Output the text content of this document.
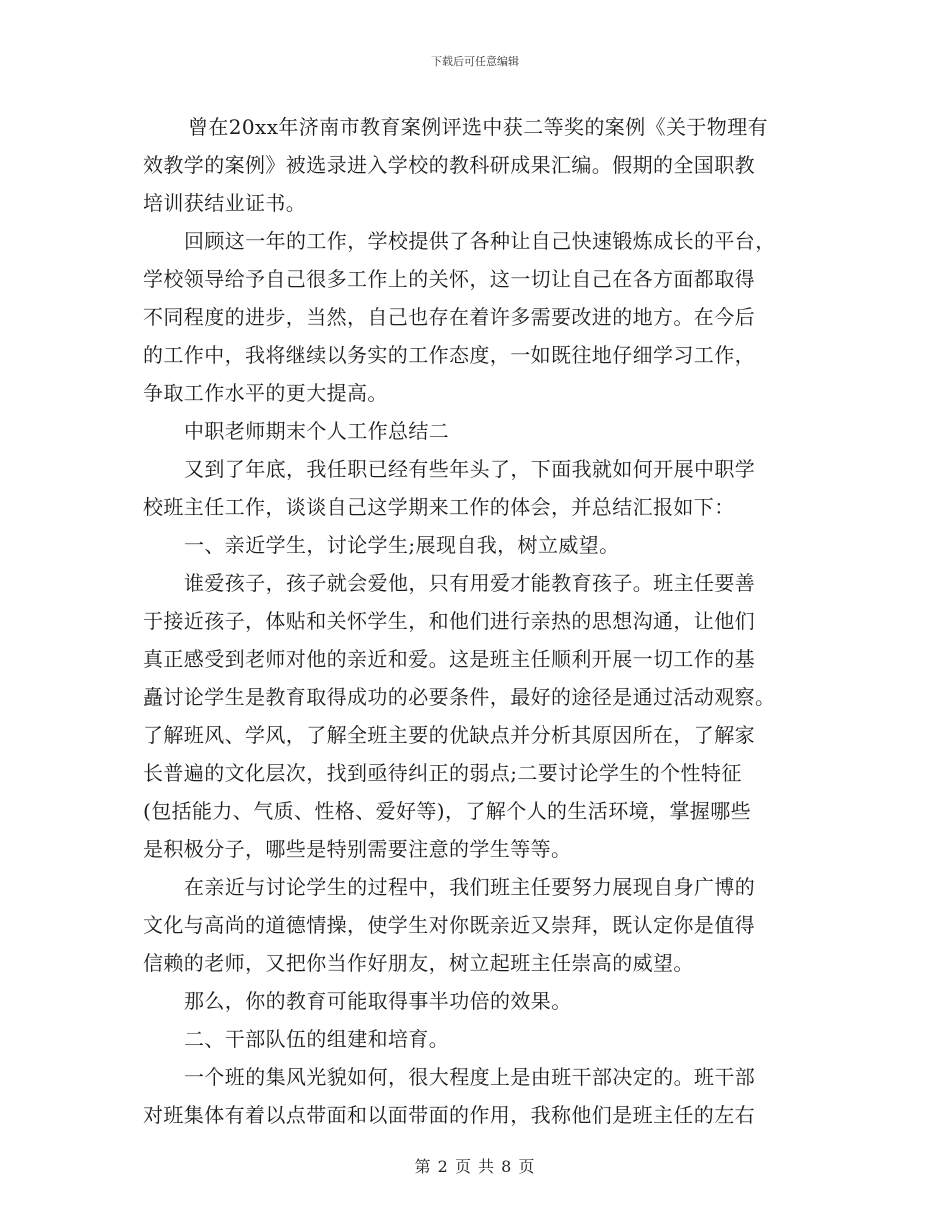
下载后可任意编辑
曾在20xx年济南市教育案例评选中获二等奖的案例《关于物理有
效教学的案例》被选录进入学校的教科研成果汇编。假期的全国职教
培训获结业证书。
回顾这一年的工作，学校提供了各种让自己快速锻炼成长的平台，
学校领导给予自己很多工作上的关怀，这一切让自己在各方面都取得
不同程度的进步，当然，自己也存在着许多需要改进的地方。在今后
的工作中，我将继续以务实的工作态度，一如既往地仔细学习工作，
争取工作水平的更大提高。
中职老师期末个人工作总结二
又到了年底，我任职已经有些年头了，下面我就如何开展中职学
校班主任工作，谈谈自己这学期来工作的体会，并总结汇报如下：
一、亲近学生，讨论学生;展现自我，树立威望。
谁爱孩子，孩子就会爱他，只有用爱才能教育孩子。班主任要善
于接近孩子，体贴和关怀学生，和他们进行亲热的思想沟通，让他们
真正感受到老师对他的亲近和爱。这是班主任顺利开展一切工作的基
矗讨论学生是教育取得成功的必要条件，最好的途径是通过活动观察。
了解班风、学风，了解全班主要的优缺点并分析其原因所在，了解家
长普遍的文化层次，找到亟待纠正的弱点;二要讨论学生的个性特征
(包括能力、气质、性格、爱好等)，了解个人的生活环境，掌握哪些
是积极分子，哪些是特别需要注意的学生等等。
在亲近与讨论学生的过程中，我们班主任要努力展现自身广博的
文化与高尚的道德情操，使学生对你既亲近又崇拜，既认定你是值得
信赖的老师，又把你当作好朋友，树立起班主任崇高的威望。
那么，你的教育可能取得事半功倍的效果。
二、干部队伍的组建和培育。
一个班的集风光貌如何，很大程度上是由班干部决定的。班干部
对班集体有着以点带面和以面带面的作用，我称他们是班主任的左右
第 2 页 共 8 页
